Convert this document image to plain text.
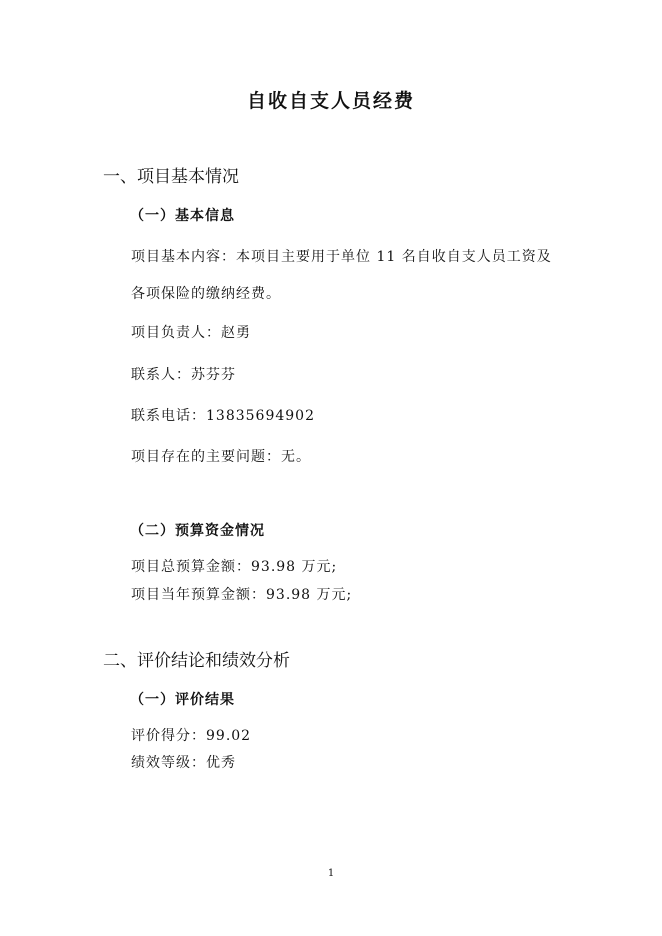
自收自支人员经费
一、项目基本情况
（一）基本信息
项目基本内容：本项目主要用于单位 11 名自收自支人员工资及
各项保险的缴纳经费。
项目负责人：赵勇
联系人：苏芬芬
联系电话：13835694902
项目存在的主要问题：无。
（二）预算资金情况
项目总预算金额：93.98 万元;
项目当年预算金额：93.98 万元;
二、评价结论和绩效分析
（一）评价结果
评价得分：99.02
绩效等级：优秀
1
